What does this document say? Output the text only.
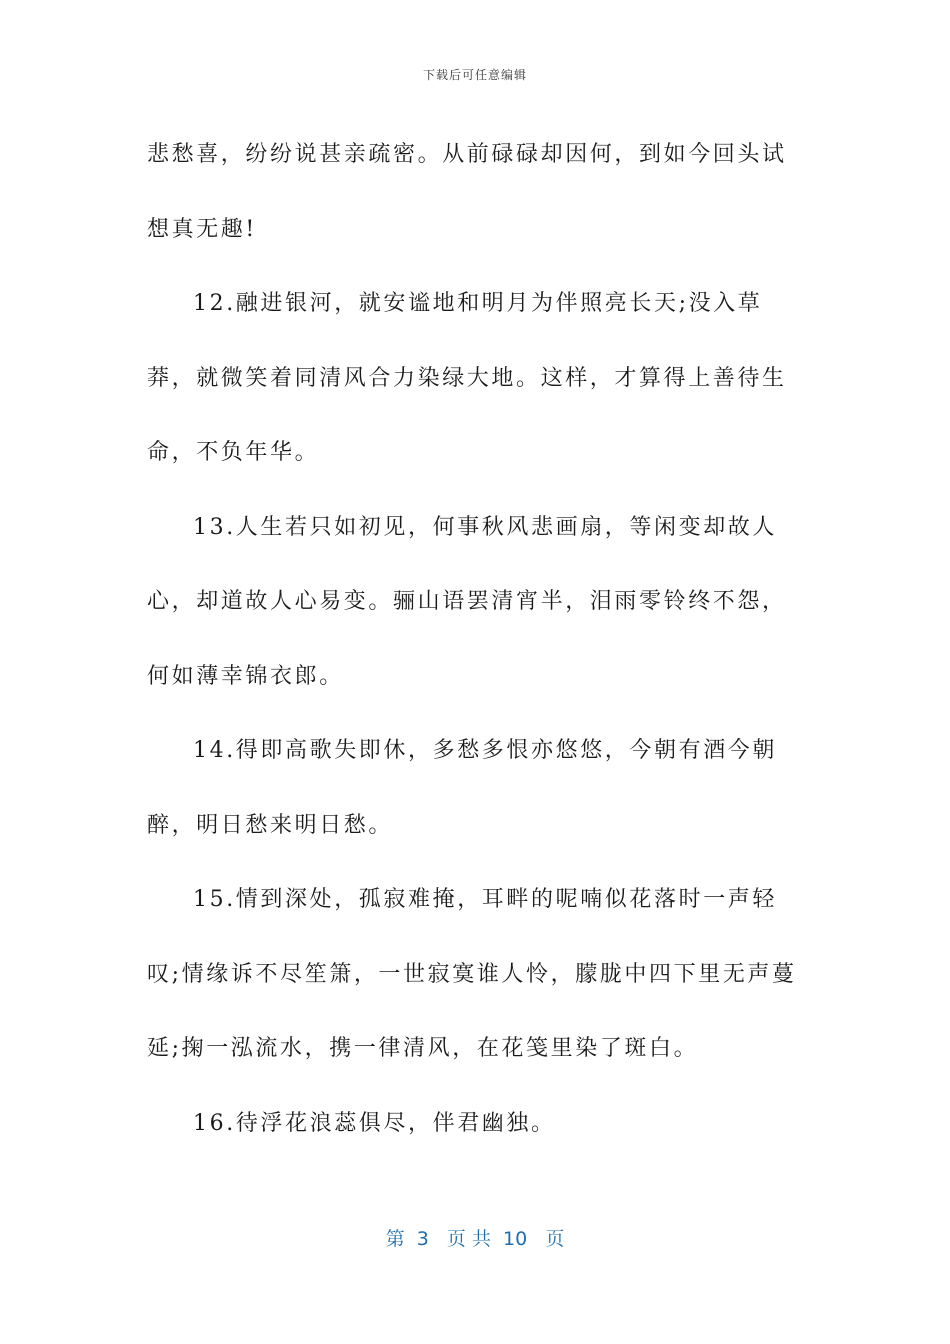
下载后可任意编辑

悲愁喜，纷纷说甚亲疏密。从前碌碌却因何，到如今回头试想真无趣!

12.融进银河，就安谧地和明月为伴照亮长天;没入草莽，就微笑着同清风合力染绿大地。这样，才算得上善待生命，不负年华。

13.人生若只如初见，何事秋风悲画扇，等闲变却故人心，却道故人心易变。骊山语罢清宵半，泪雨零铃终不怨，何如薄幸锦衣郎。

14.得即高歌失即休，多愁多恨亦悠悠，今朝有酒今朝醉，明日愁来明日愁。

15.情到深处，孤寂难掩，耳畔的呢喃似花落时一声轻叹;情缘诉不尽笙箫，一世寂寞谁人怜，朦胧中四下里无声蔓延;掬一泓流水，携一律清风，在花笺里染了斑白。

16.待浮花浪蕊俱尽，伴君幽独。

第  3   页 共  10   页
